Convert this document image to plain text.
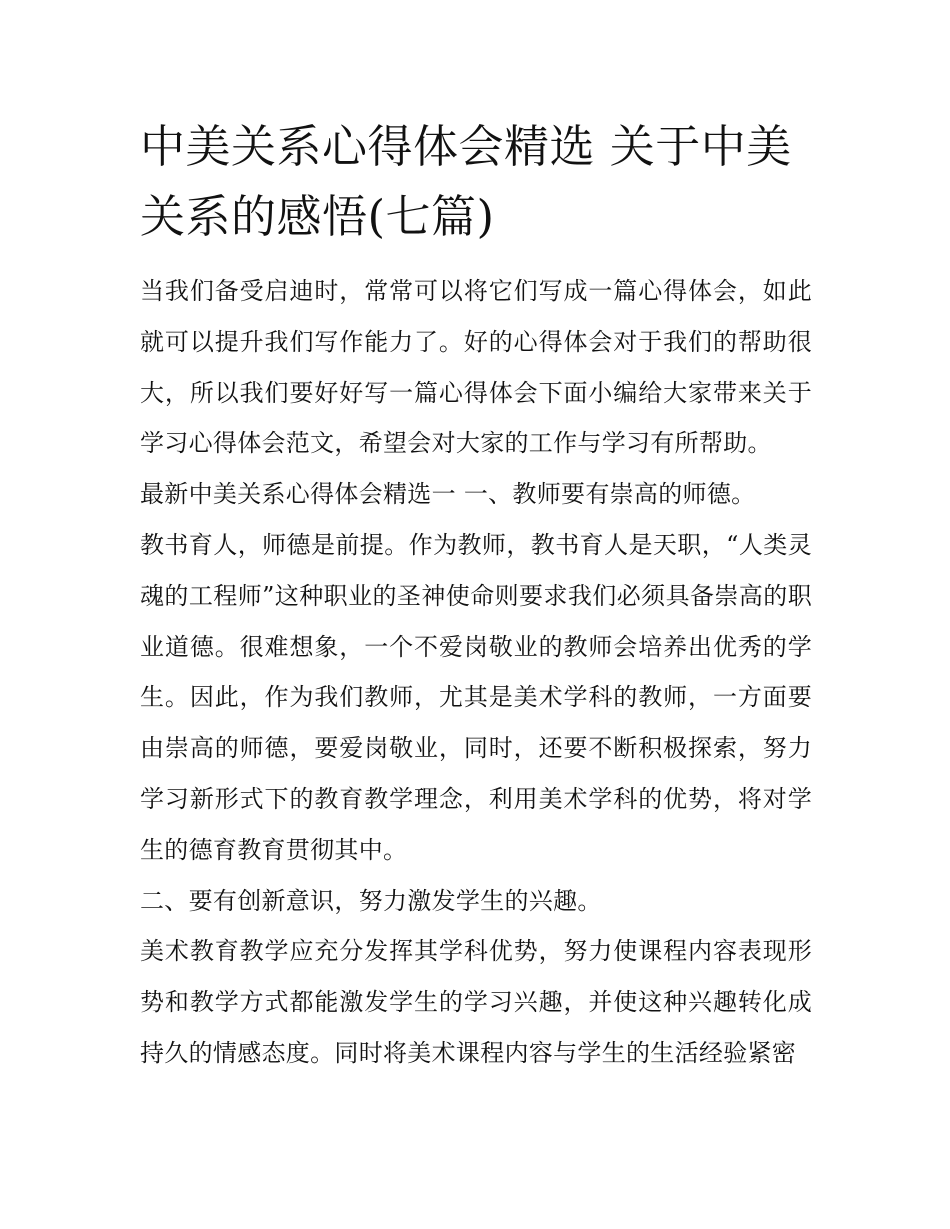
中美关系心得体会精选 关于中美关系的感悟(七篇)

当我们备受启迪时，常常可以将它们写成一篇心得体会，如此就可以提升我们写作能力了。好的心得体会对于我们的帮助很大，所以我们要好好写一篇心得体会下面小编给大家带来关于学习心得体会范文，希望会对大家的工作与学习有所帮助。

最新中美关系心得体会精选一 一、教师要有崇高的师德。

教书育人，师德是前提。作为教师，教书育人是天职，“人类灵魂的工程师”这种职业的圣神使命则要求我们必须具备崇高的职业道德。很难想象，一个不爱岗敬业的教师会培养出优秀的学生。因此，作为我们教师，尤其是美术学科的教师，一方面要由崇高的师德，要爱岗敬业，同时，还要不断积极探索，努力学习新形式下的教育教学理念，利用美术学科的优势，将对学生的德育教育贯彻其中。

二、要有创新意识，努力激发学生的兴趣。

美术教育教学应充分发挥其学科优势，努力使课程内容表现形势和教学方式都能激发学生的学习兴趣，并使这种兴趣转化成持久的情感态度。同时将美术课程内容与学生的生活经验紧密
